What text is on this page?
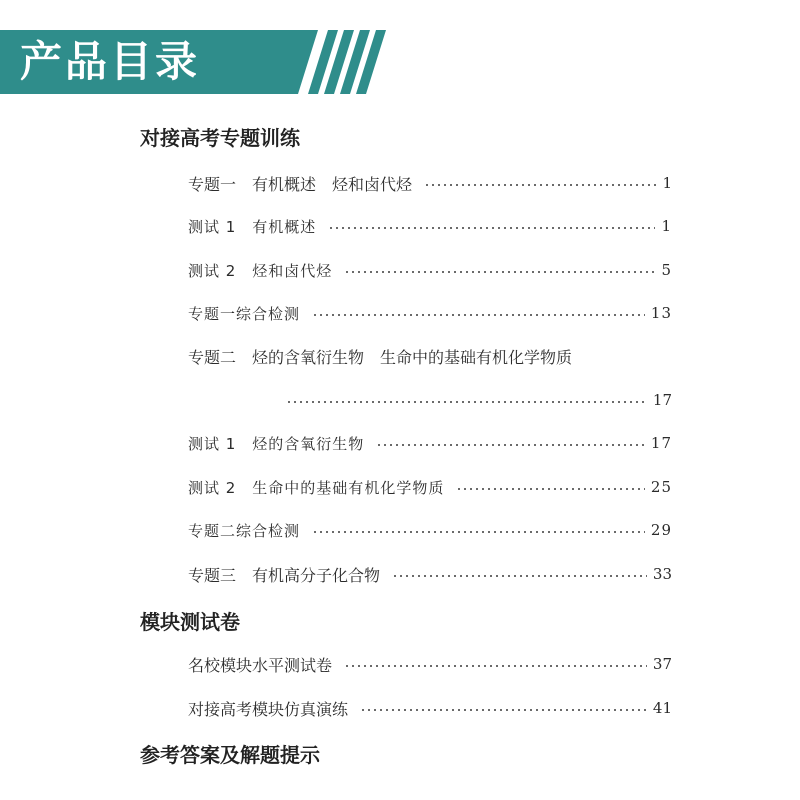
产品目录
对接高考专题训练
专题一　有机概述　烃和卤代烃	1
测试 1　有机概述	1
测试 2　烃和卤代烃	5
专题一综合检测	13
专题二　烃的含氧衍生物　生命中的基础有机化学物质
17
测试 1　烃的含氧衍生物	17
测试 2　生命中的基础有机化学物质	25
专题二综合检测	29
专题三　有机高分子化合物	33
模块测试卷
名校模块水平测试卷	37
对接高考模块仿真演练	41
参考答案及解题提示
